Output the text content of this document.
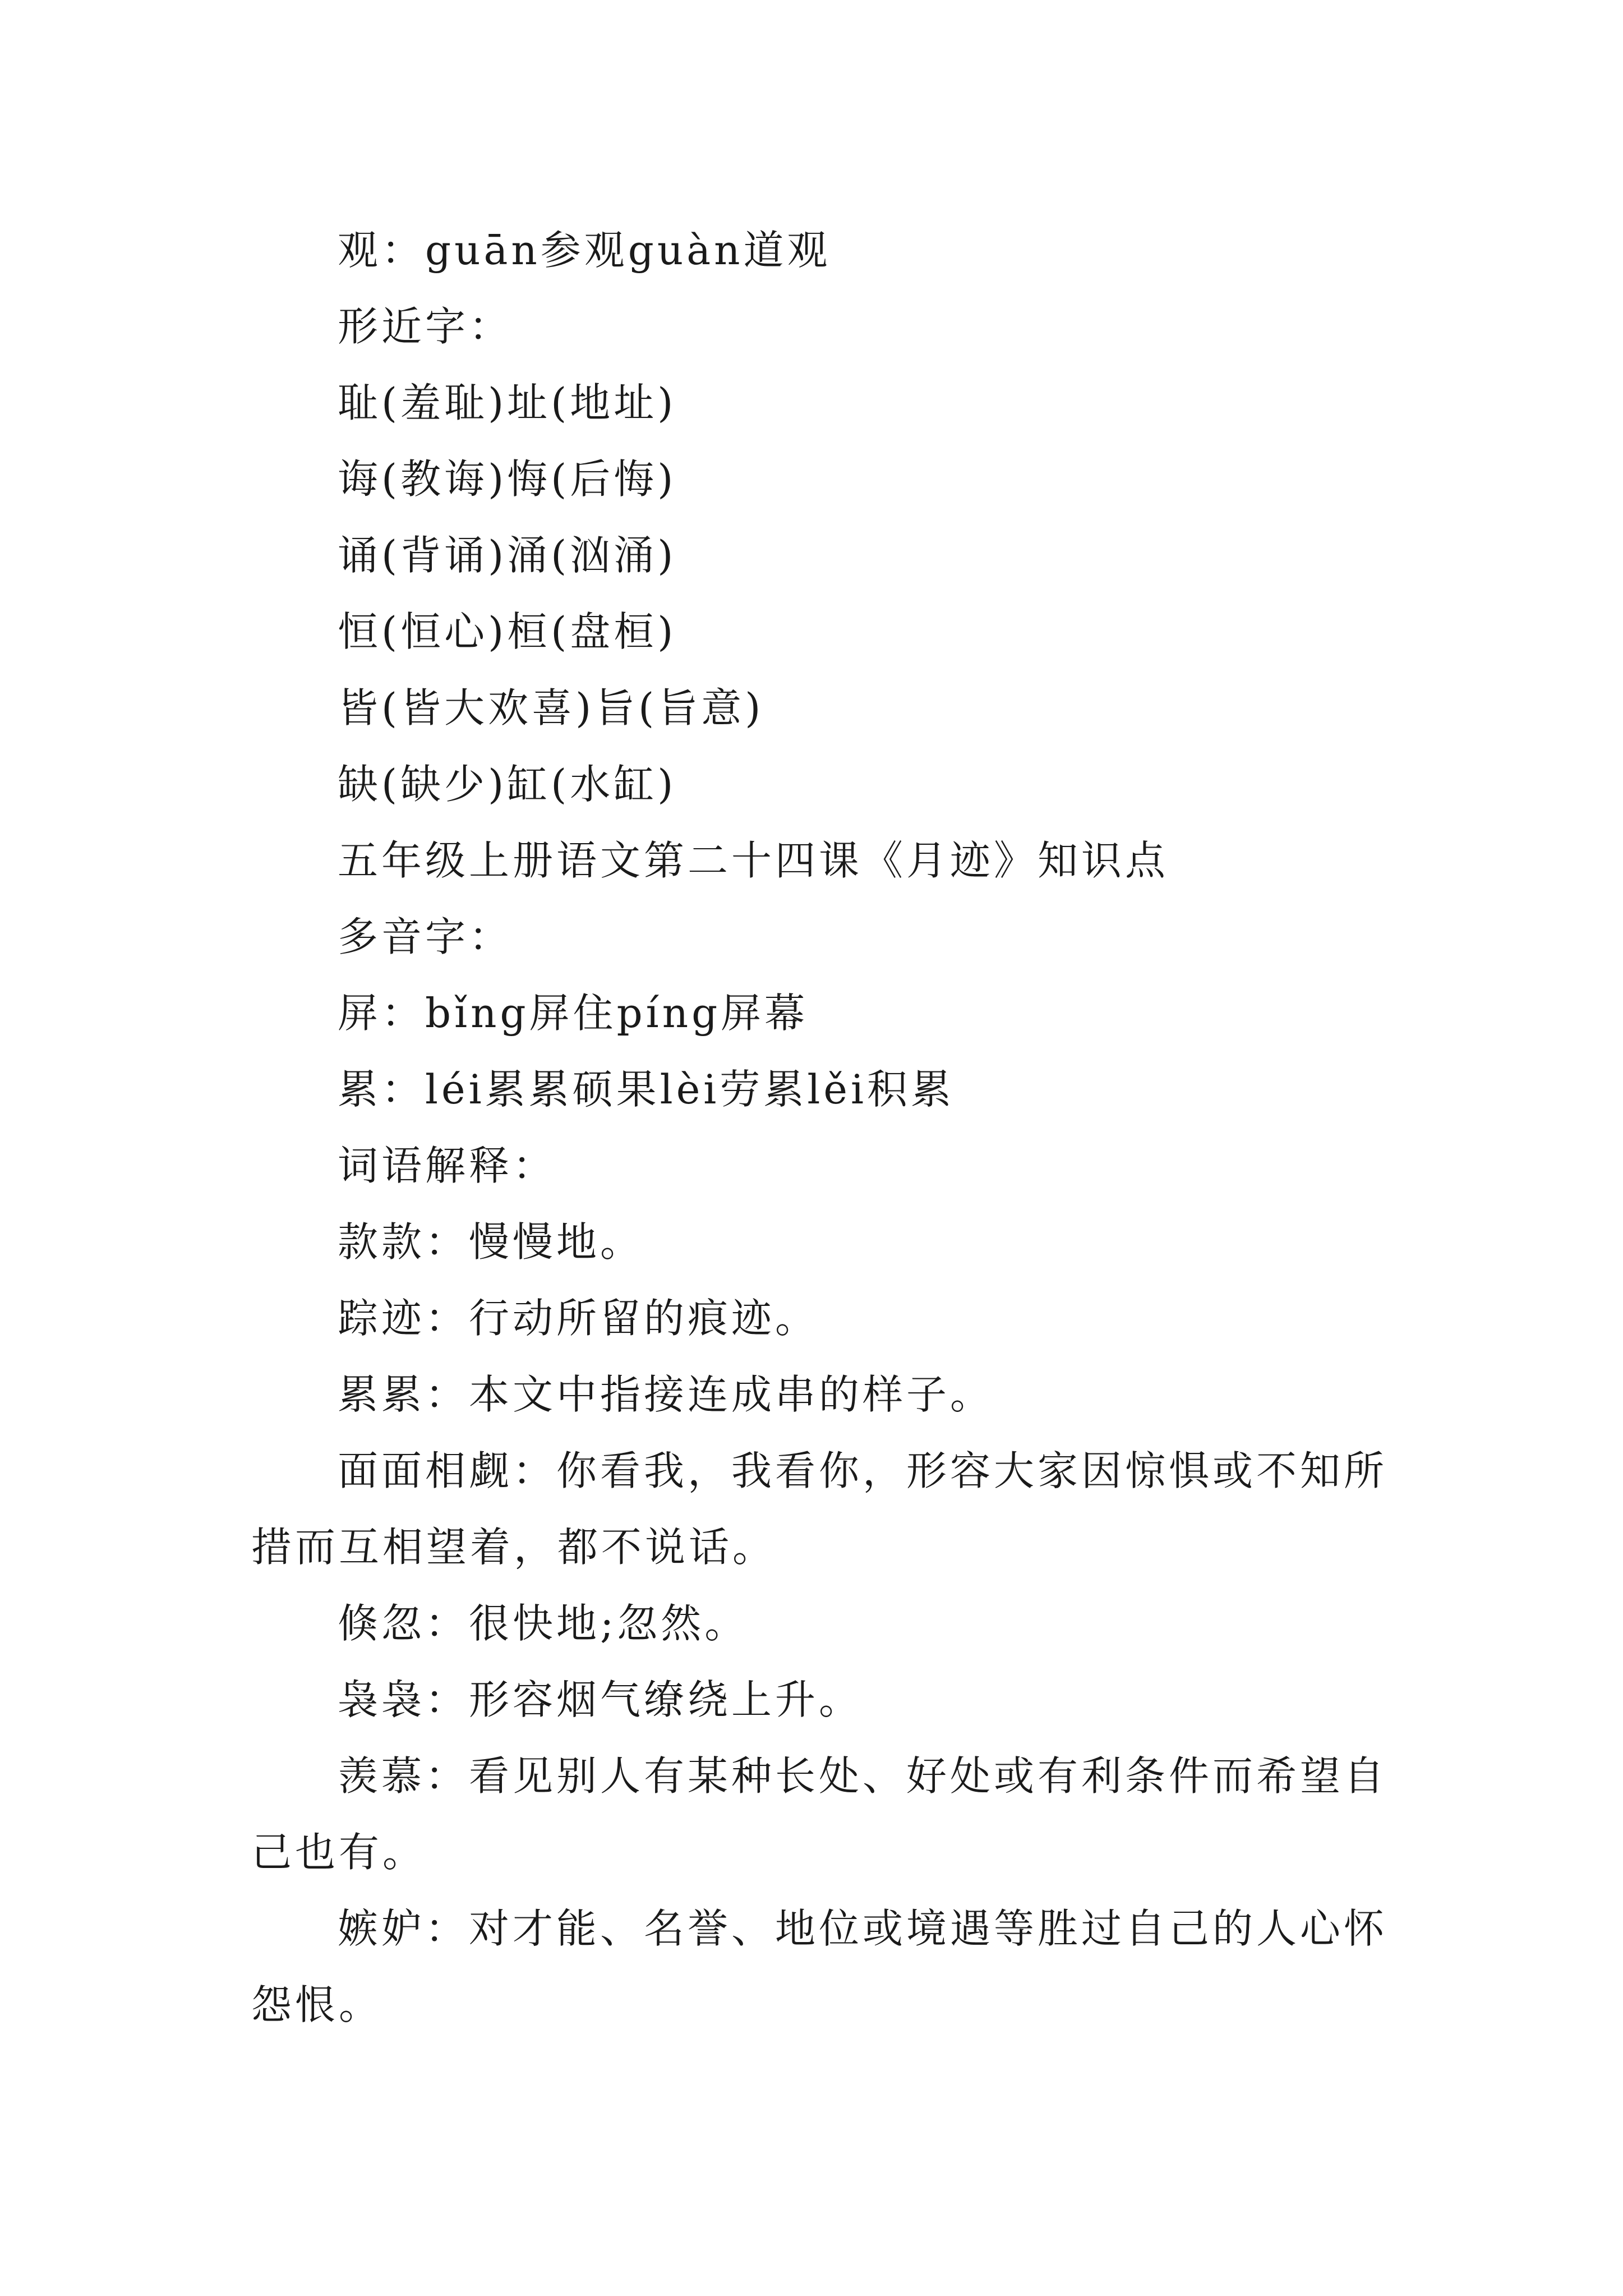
观：guān参观guàn道观

形近字：

耻(羞耻)址(地址)

诲(教诲)悔(后悔)

诵(背诵)涌(汹涌)

恒(恒心)桓(盘桓)

皆(皆大欢喜)旨(旨意)

缺(缺少)缸(水缸)

五年级上册语文第二十四课《月迹》知识点

多音字：

屏：bǐng屏住píng屏幕

累：léi累累硕果lèi劳累lěi积累

词语解释：

款款：慢慢地。

踪迹：行动所留的痕迹。

累累：本文中指接连成串的样子。

面面相觑：你看我，我看你，形容大家因惊惧或不知所措而互相望着，都不说话。

倏忽：很快地;忽然。

袅袅：形容烟气缭绕上升。

羡慕：看见别人有某种长处、好处或有利条件而希望自己也有。

嫉妒：对才能、名誉、地位或境遇等胜过自己的人心怀怨恨。
